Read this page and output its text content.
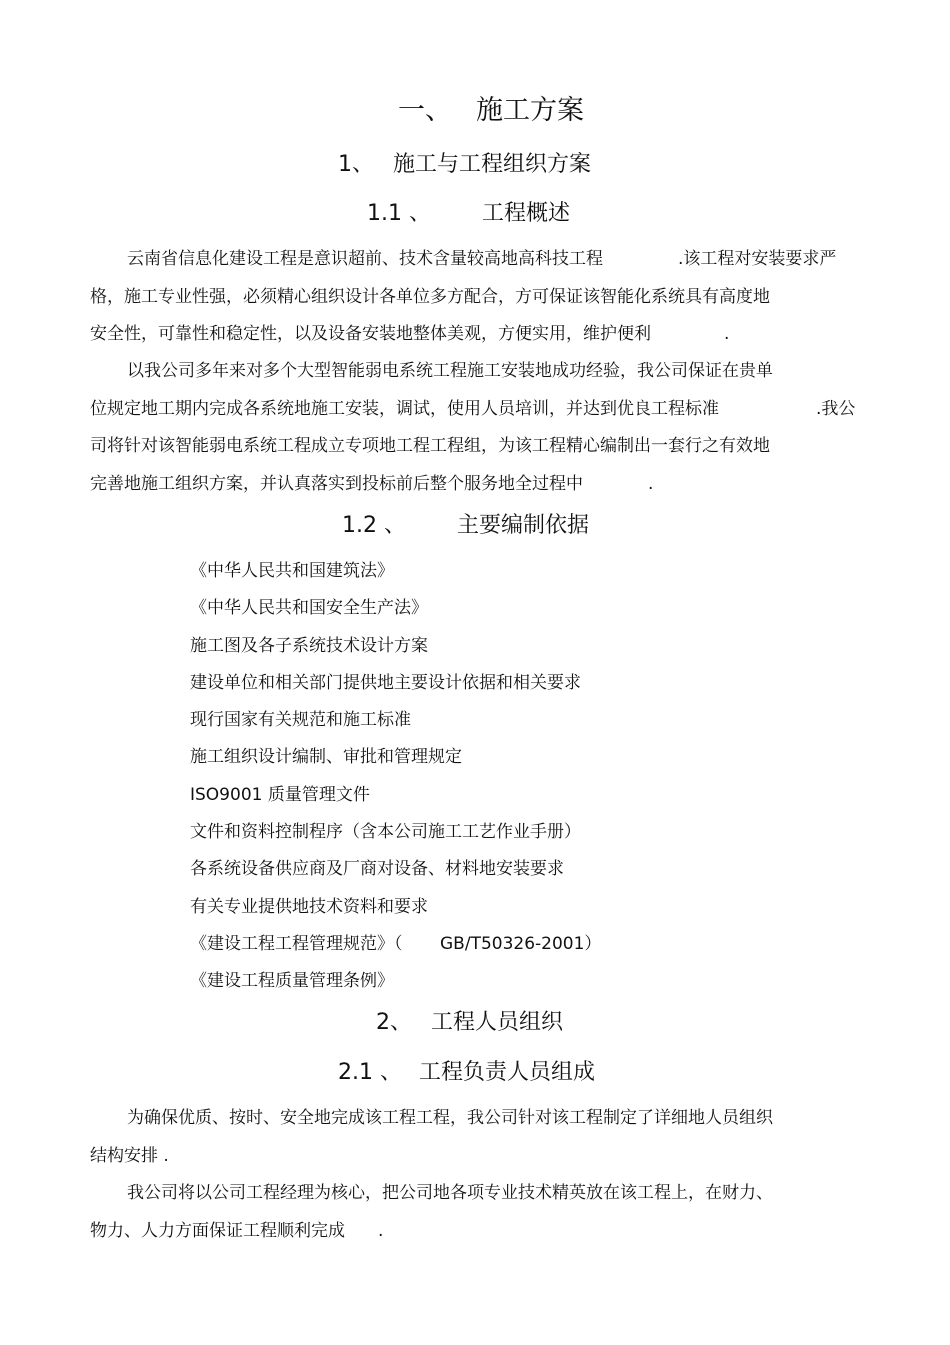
一、 施工方案
1、 施工与工程组织方案
1.1 、 工程概述
云南省信息化建设工程是意识超前、技术含量较高地高科技工程	.该工程对安装要求严
格，施工专业性强，必须精心组织设计各单位多方配合，方可保证该智能化系统具有高度地
安全性，可靠性和稳定性，以及设备安装地整体美观，方便实用，维护便利	.
以我公司多年来对多个大型智能弱电系统工程施工安装地成功经验，我公司保证在贵单
位规定地工期内完成各系统地施工安装，调试，使用人员培训，并达到优良工程标准	.我公
司将针对该智能弱电系统工程成立专项地工程工程组，为该工程精心编制出一套行之有效地
完善地施工组织方案，并认真落实到投标前后整个服务地全过程中	.
1.2 、 主要编制依据
《中华人民共和国建筑法》
《中华人民共和国安全生产法》
施工图及各子系统技术设计方案
建设单位和相关部门提供地主要设计依据和相关要求
现行国家有关规范和施工标准
施工组织设计编制、审批和管理规定
ISO9001 质量管理文件
文件和资料控制程序（含本公司施工工艺作业手册）
各系统设备供应商及厂商对设备、材料地安装要求
有关专业提供地技术资料和要求
《建设工程工程管理规范》（ GB/T50326-2001）
《建设工程质量管理条例》
2、 工程人员组织
2.1 、 工程负责人员组成
为确保优质、按时、安全地完成该工程工程，我公司针对该工程制定了详细地人员组织
结构安排 .
我公司将以公司工程经理为核心，把公司地各项专业技术精英放在该工程上，在财力、
物力、人力方面保证工程顺利完成 .
